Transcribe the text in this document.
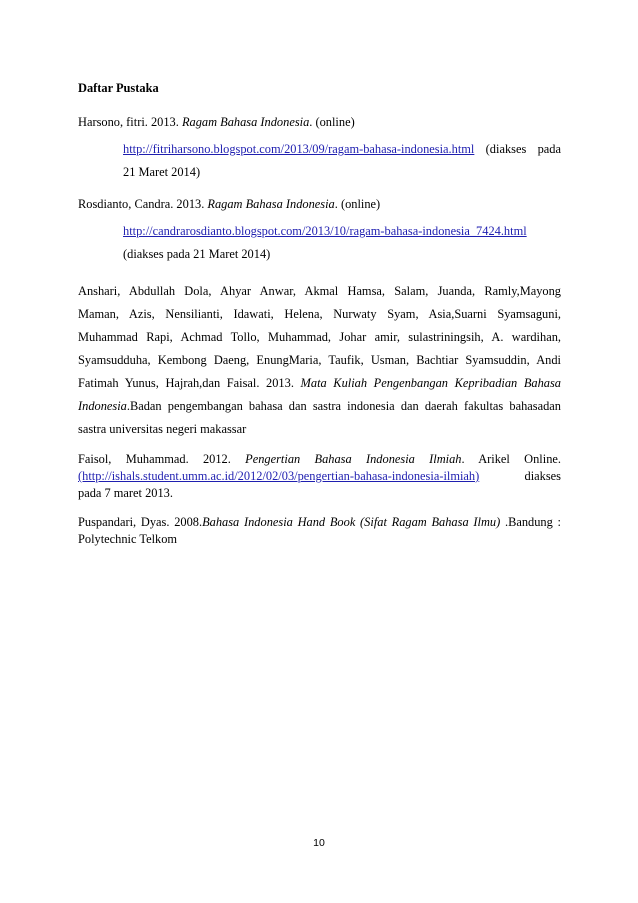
Daftar Pustaka

Harsono, fitri. 2013. Ragam Bahasa Indonesia. (online)

http://fitriharsono.blogspot.com/2013/09/ragam-bahasa-indonesia.html (diakses pada
21 Maret 2014)

Rosdianto, Candra. 2013. Ragam Bahasa Indonesia. (online)

http://candrarosdianto.blogspot.com/2013/10/ragam-bahasa-indonesia_7424.html
(diakses pada 21 Maret 2014)

Anshari, Abdullah Dola, Ahyar Anwar, Akmal Hamsa, Salam, Juanda, Ramly,Mayong
Maman, Azis, Nensilianti, Idawati, Helena, Nurwaty Syam, Asia,Suarni Syamsaguni,
Muhammad Rapi, Achmad Tollo, Muhammad, Johar amir, sulastriningsih, A. wardihan,
Syamsudduha, Kembong Daeng, EnungMaria, Taufik, Usman, Bachtiar Syamsuddin, Andi
Fatimah Yunus, Hajrah,dan Faisal. 2013. Mata Kuliah Pengenbangan Kepribadian Bahasa
Indonesia.Badan pengembangan bahasa dan sastra indonesia dan daerah fakultas bahasadan
sastra universitas negeri makassar

Faisol, Muhammad. 2012. Pengertian Bahasa Indonesia Ilmiah. Arikel Online.
(http://ishals.student.umm.ac.id/2012/02/03/pengertian-bahasa-indonesia-ilmiah) diakses
pada 7 maret 2013.

Puspandari, Dyas. 2008.Bahasa Indonesia Hand Book (Sifat Ragam Bahasa Ilmu) .Bandung :
Polytechnic Telkom

10
